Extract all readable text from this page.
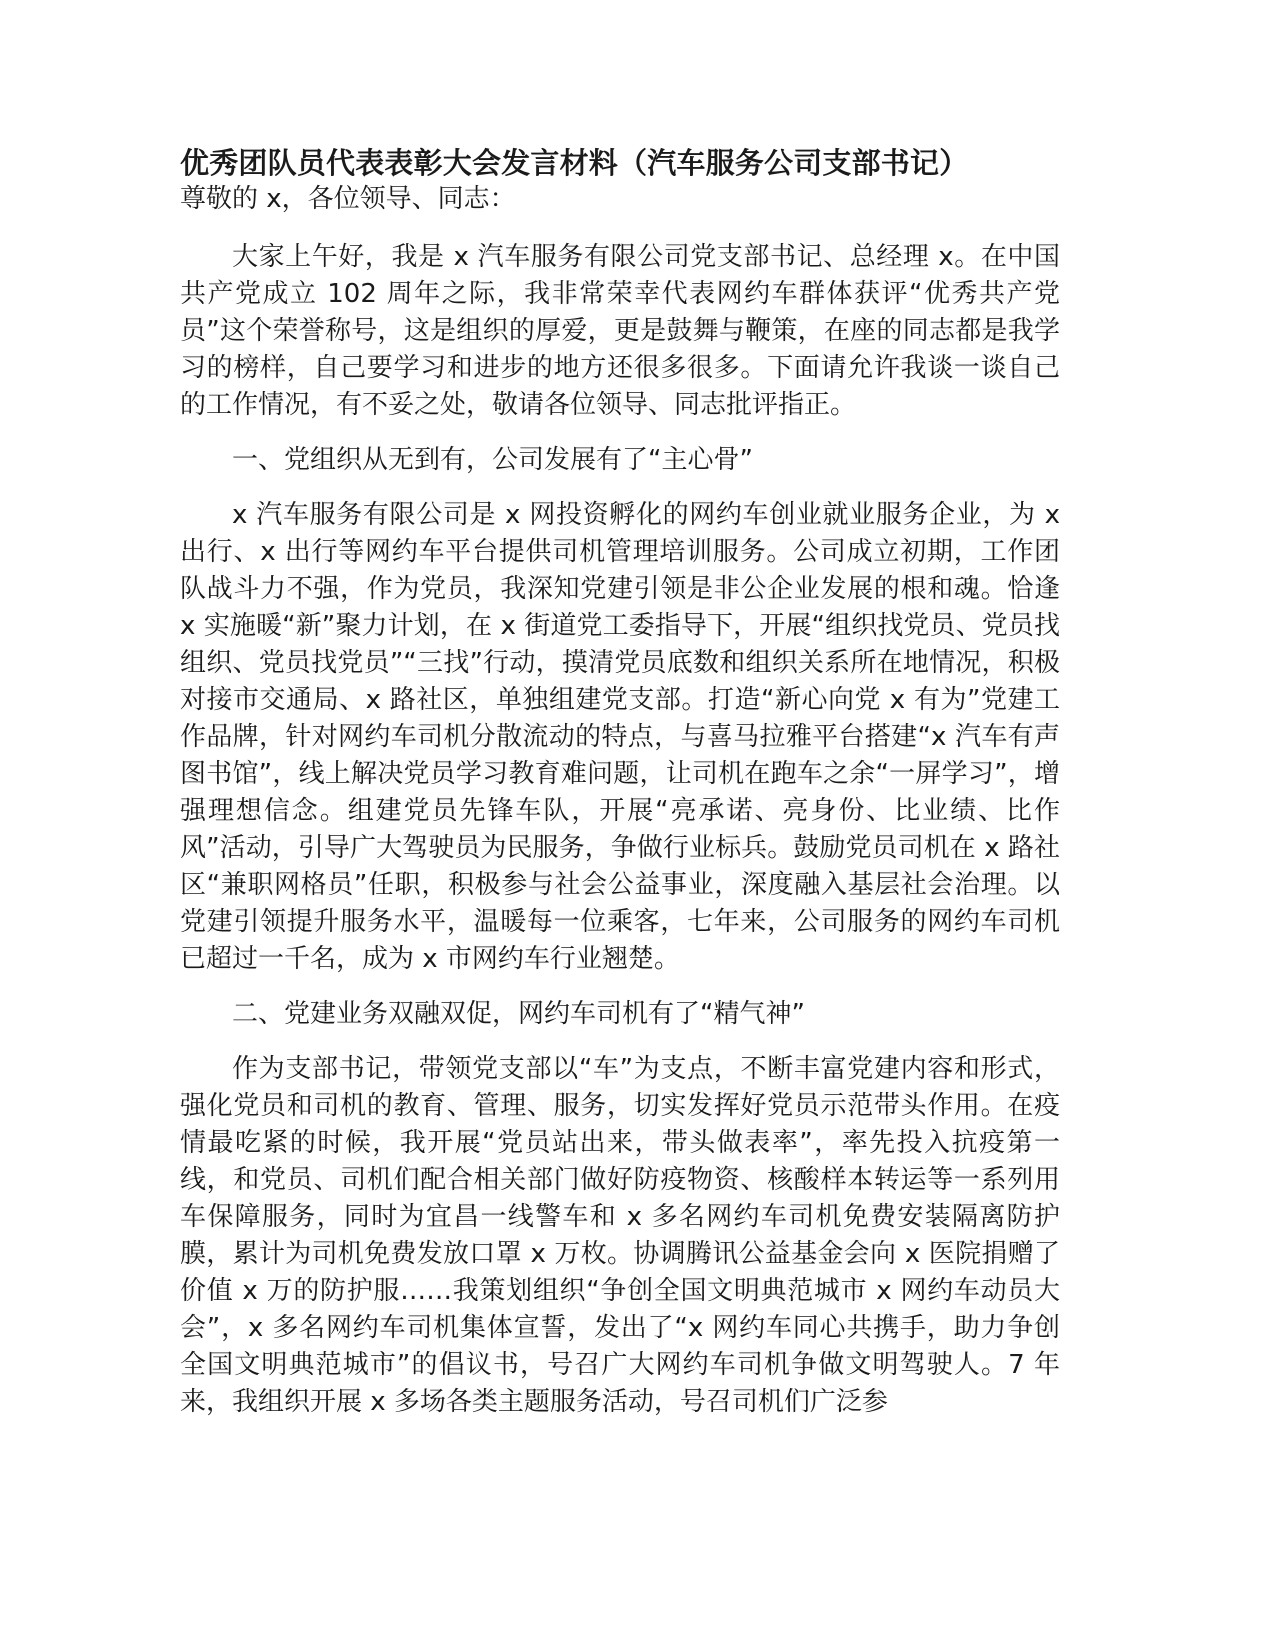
优秀团队员代表表彰大会发言材料（汽车服务公司支部书记）

尊敬的 x，各位领导、同志：

大家上午好，我是 x 汽车服务有限公司党支部书记、总经理 x。在中国共产党成立 102 周年之际，我非常荣幸代表网约车群体获评“优秀共产党员”这个荣誉称号，这是组织的厚爱，更是鼓舞与鞭策，在座的同志都是我学习的榜样，自己要学习和进步的地方还很多很多。下面请允许我谈一谈自己的工作情况，有不妥之处，敬请各位领导、同志批评指正。

一、党组织从无到有，公司发展有了“主心骨”

x 汽车服务有限公司是 x 网投资孵化的网约车创业就业服务企业，为 x 出行、x 出行等网约车平台提供司机管理培训服务。公司成立初期，工作团队战斗力不强，作为党员，我深知党建引领是非公企业发展的根和魂。恰逢 x 实施暖“新”聚力计划，在 x 街道党工委指导下，开展“组织找党员、党员找组织、党员找党员”“三找”行动，摸清党员底数和组织关系所在地情况，积极对接市交通局、x 路社区，单独组建党支部。打造“新心向党 x 有为”党建工作品牌，针对网约车司机分散流动的特点，与喜马拉雅平台搭建“x 汽车有声图书馆”，线上解决党员学习教育难问题，让司机在跑车之余“一屏学习”，增强理想信念。组建党员先锋车队，开展“亮承诺、亮身份、比业绩、比作风”活动，引导广大驾驶员为民服务，争做行业标兵。鼓励党员司机在 x 路社区“兼职网格员”任职，积极参与社会公益事业，深度融入基层社会治理。以党建引领提升服务水平，温暖每一位乘客，七年来，公司服务的网约车司机已超过一千名，成为 x 市网约车行业翘楚。

二、党建业务双融双促，网约车司机有了“精气神”

作为支部书记，带领党支部以“车”为支点，不断丰富党建内容和形式，强化党员和司机的教育、管理、服务，切实发挥好党员示范带头作用。在疫情最吃紧的时候，我开展“党员站出来，带头做表率”，率先投入抗疫第一线，和党员、司机们配合相关部门做好防疫物资、核酸样本转运等一系列用车保障服务，同时为宜昌一线警车和 x 多名网约车司机免费安装隔离防护膜，累计为司机免费发放口罩 x 万枚。协调腾讯公益基金会向 x 医院捐赠了价值 x 万的防护服……我策划组织“争创全国文明典范城市 x 网约车动员大会”，x 多名网约车司机集体宣誓，发出了“x 网约车同心共携手，助力争创全国文明典范城市”的倡议书，号召广大网约车司机争做文明驾驶人。7 年来，我组织开展 x 多场各类主题服务活动，号召司机们广泛参
